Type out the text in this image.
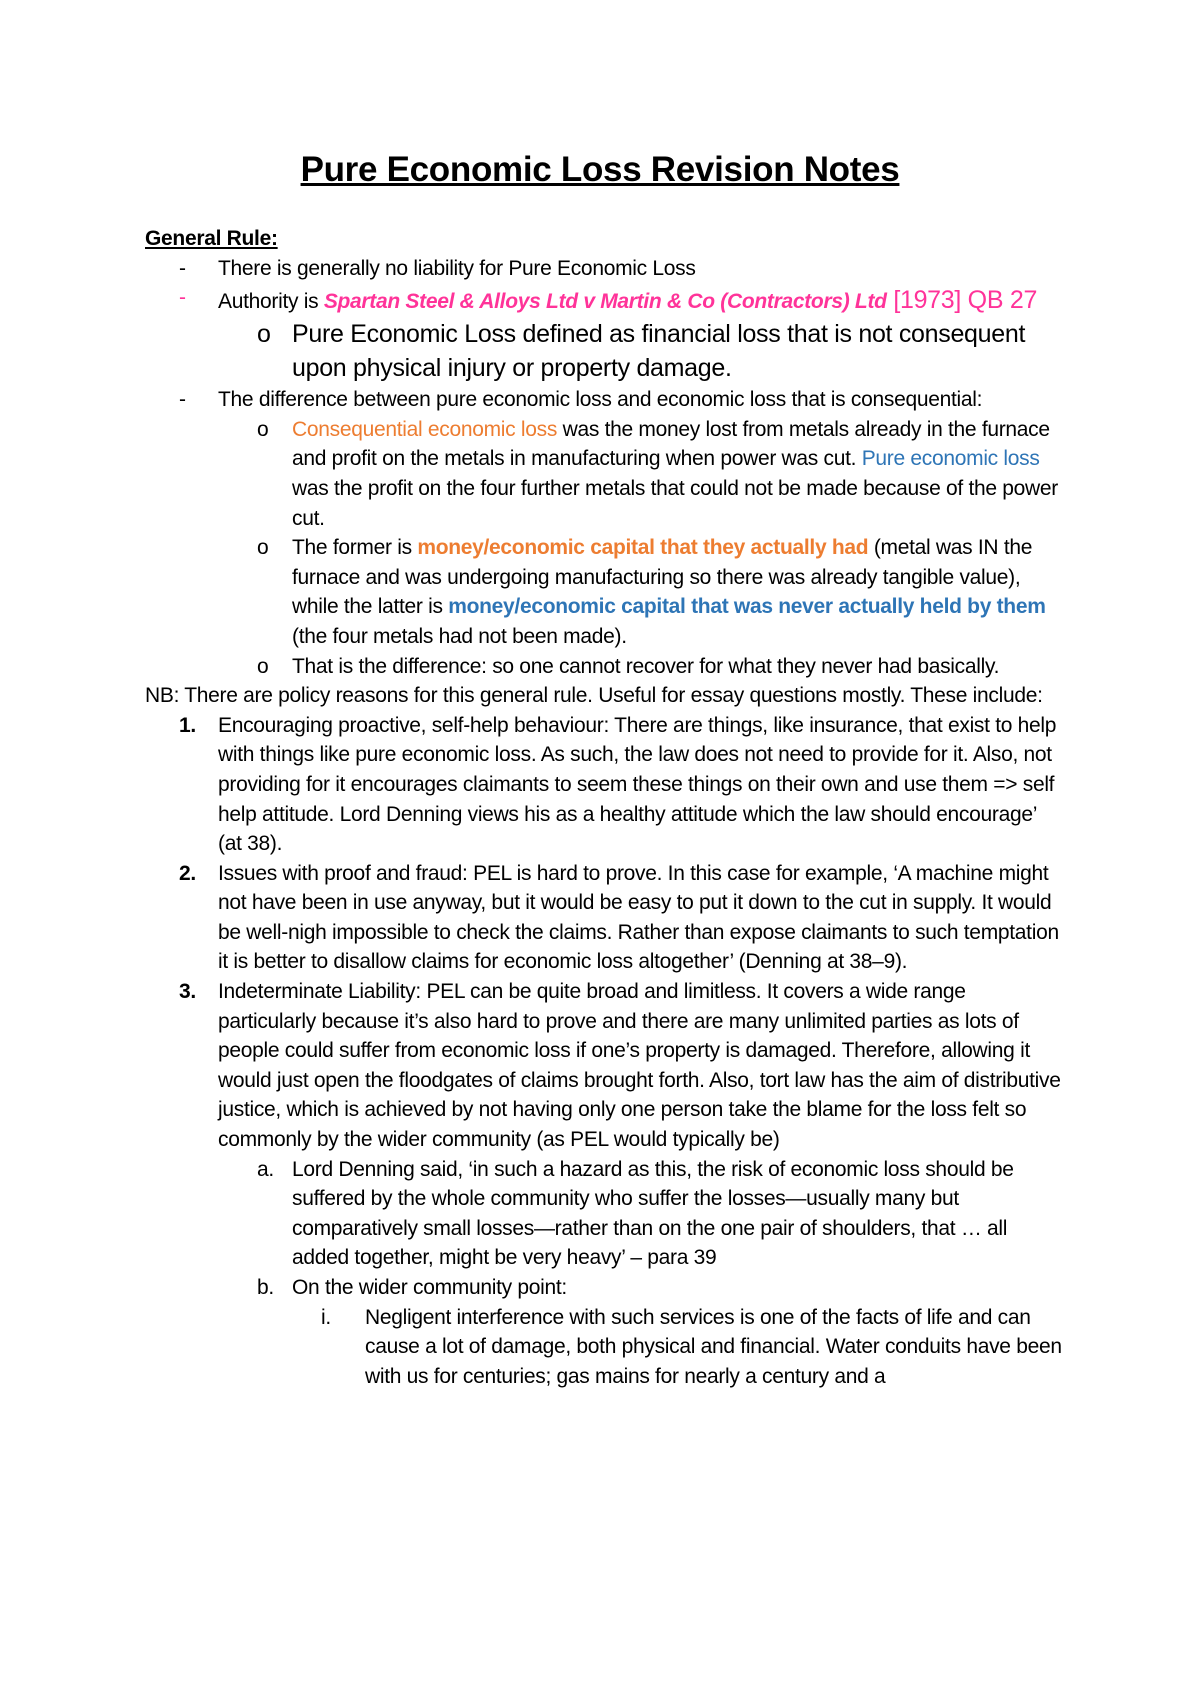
Pure Economic Loss Revision Notes
General Rule:
- There is generally no liability for Pure Economic Loss
- Authority is Spartan Steel & Alloys Ltd v Martin & Co (Contractors) Ltd [1973] QB 27
o Pure Economic Loss defined as financial loss that is not consequent upon physical injury or property damage.
- The difference between pure economic loss and economic loss that is consequential:
o Consequential economic loss was the money lost from metals already in the furnace and profit on the metals in manufacturing when power was cut. Pure economic loss was the profit on the four further metals that could not be made because of the power cut.
o The former is money/economic capital that they actually had (metal was IN the furnace and was undergoing manufacturing so there was already tangible value), while the latter is money/economic capital that was never actually held by them (the four metals had not been made).
o That is the difference: so one cannot recover for what they never had basically.
NB: There are policy reasons for this general rule. Useful for essay questions mostly. These include:
1. Encouraging proactive, self-help behaviour: There are things, like insurance, that exist to help with things like pure economic loss. As such, the law does not need to provide for it. Also, not providing for it encourages claimants to seem these things on their own and use them => self help attitude. Lord Denning views his as a healthy attitude which the law should encourage’ (at 38).
2. Issues with proof and fraud: PEL is hard to prove. In this case for example, ‘A machine might not have been in use anyway, but it would be easy to put it down to the cut in supply. It would be well-nigh impossible to check the claims. Rather than expose claimants to such temptation it is better to disallow claims for economic loss altogether’ (Denning at 38–9).
3. Indeterminate Liability: PEL can be quite broad and limitless. It covers a wide range particularly because it’s also hard to prove and there are many unlimited parties as lots of people could suffer from economic loss if one’s property is damaged. Therefore, allowing it would just open the floodgates of claims brought forth. Also, tort law has the aim of distributive justice, which is achieved by not having only one person take the blame for the loss felt so commonly by the wider community (as PEL would typically be)
a. Lord Denning said, ‘in such a hazard as this, the risk of economic loss should be suffered by the whole community who suffer the losses—usually many but comparatively small losses—rather than on the one pair of shoulders, that … all added together, might be very heavy’ – para 39
b. On the wider community point:
i. Negligent interference with such services is one of the facts of life and can cause a lot of damage, both physical and financial. Water conduits have been with us for centuries; gas mains for nearly a century and a
